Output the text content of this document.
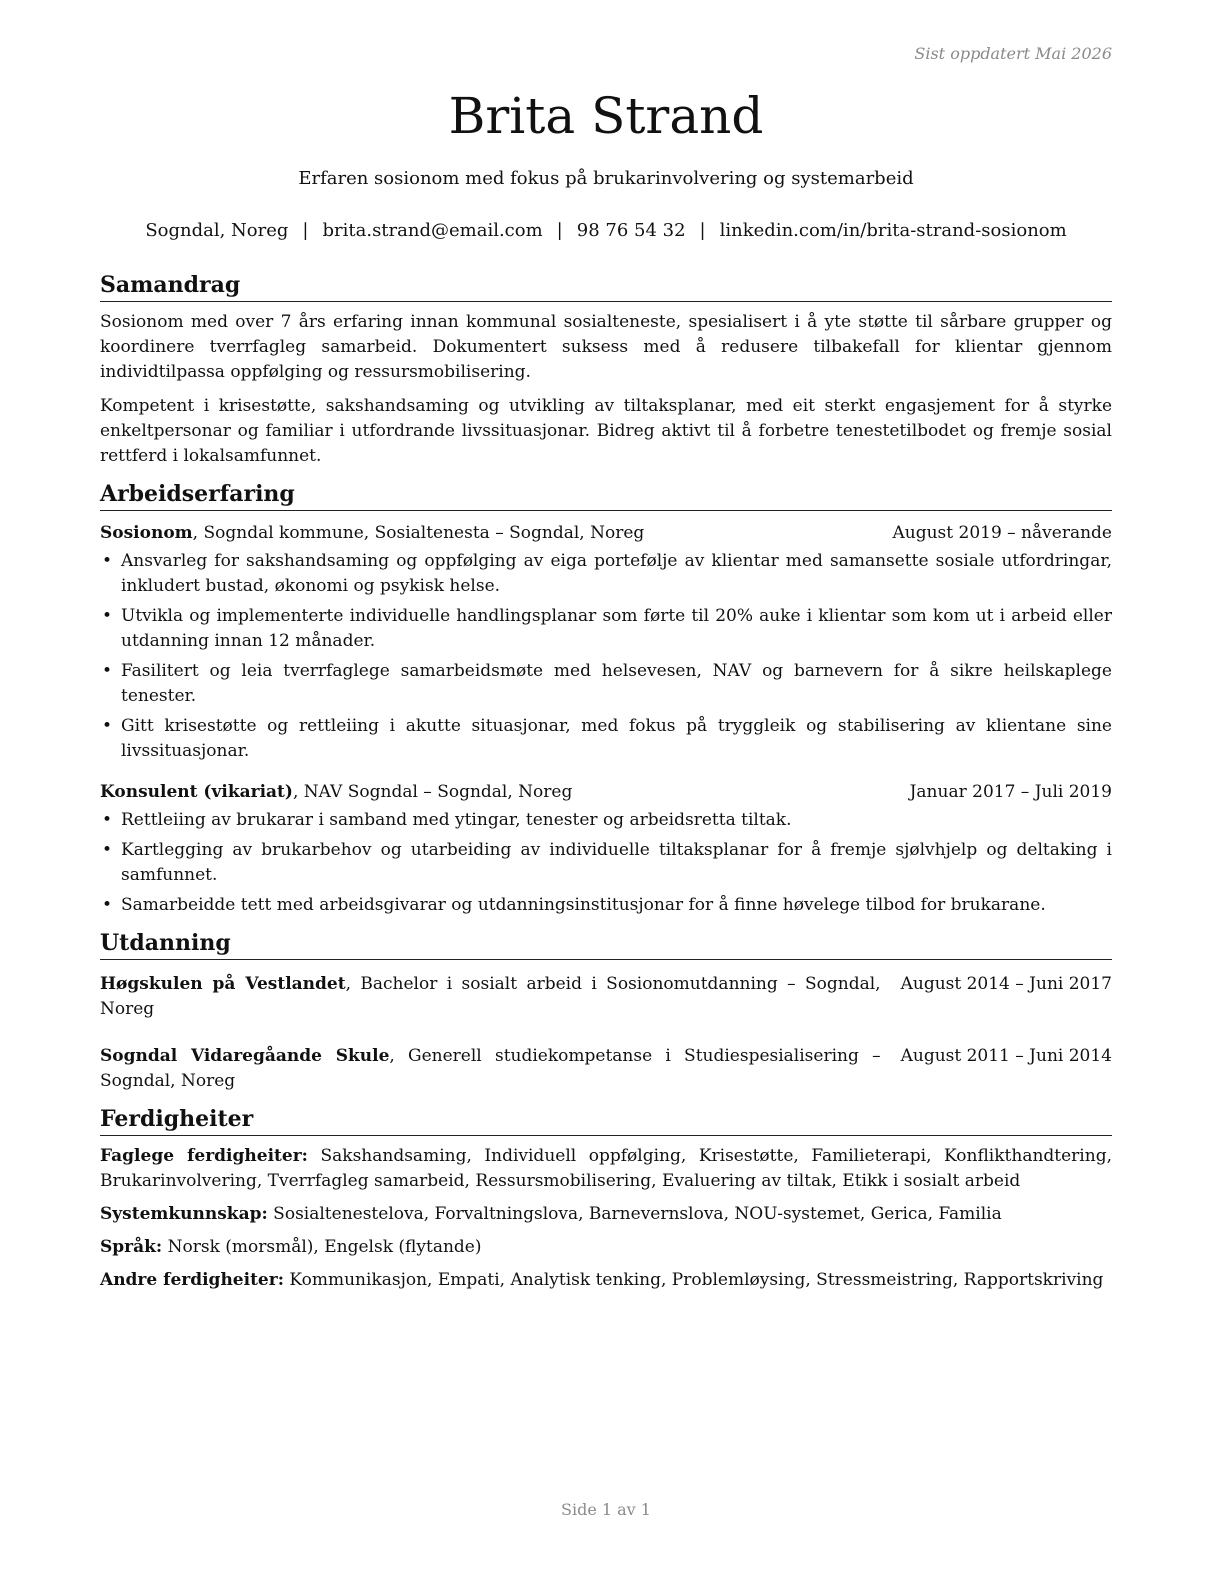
Sist oppdatert Mai 2026
Brita Strand
Erfaren sosionom med fokus på brukarinvolvering og systemarbeid
Sogndal, Noreg | brita.strand@email.com | 98 76 54 32 | linkedin.com/in/brita-strand-sosionom
Samandrag

Sosionom med over 7 års erfaring innan kommunal sosialteneste, spesialisert i å yte støtte til sårbare grupper og koordinere tverrfagleg samarbeid. Dokumentert suksess med å redusere tilbakefall for klientar gjennom individtilpassa oppfølging og ressursmobilisering.

Kompetent i krisestøtte, sakshandsaming og utvikling av tiltaksplanar, med eit sterkt engasjement for å styrke enkeltpersonar og familiar i utfordrande livssituasjonar. Bidreg aktivt til å forbetre tenestetilbodet og fremje sosial rettferd i lokalsamfunnet.

Arbeidserfaring
Sosionom, Sogndal kommune, Sosialtenesta – Sogndal, Noreg	August 2019 – nåverande
• Ansvarleg for sakshandsaming og oppfølging av eiga portefølje av klientar med samansette sosiale utfordringar, inkludert bustad, økonomi og psykisk helse.
• Utvikla og implementerte individuelle handlingsplanar som førte til 20% auke i klientar som kom ut i arbeid eller utdanning innan 12 månader.
• Fasilitert og leia tverrfaglege samarbeidsmøte med helsevesen, NAV og barnevern for å sikre heilskaplege tenester.
• Gitt krisestøtte og rettleiing i akutte situasjonar, med fokus på tryggleik og stabilisering av klientane sine livssituasjonar.
Konsulent (vikariat), NAV Sogndal – Sogndal, Noreg	Januar 2017 – Juli 2019
• Rettleiing av brukarar i samband med ytingar, tenester og arbeidsretta tiltak.
• Kartlegging av brukarbehov og utarbeiding av individuelle tiltaksplanar for å fremje sjølvhjelp og deltaking i samfunnet.
• Samarbeidde tett med arbeidsgivarar og utdanningsinstitusjonar for å finne høvelege tilbod for brukarane.
Utdanning
Høgskulen på Vestlandet, Bachelor i sosialt arbeid i Sosionomutdanning – Sogndal, Noreg
August 2014 – Juni 2017
Sogndal Vidaregåande Skule, Generell studiekompetanse i Studiespesialisering – Sogndal, Noreg
August 2011 – Juni 2014
Ferdigheiter
Faglege ferdigheiter: Sakshandsaming, Individuell oppfølging, Krisestøtte, Familieterapi, Konflikthandtering, Brukarinvolvering, Tverrfagleg samarbeid, Ressursmobilisering, Evaluering av tiltak, Etikk i sosialt arbeid
Systemkunnskap: Sosialtenestelova, Forvaltningslova, Barnevernslova, NOU-systemet, Gerica, Familia
Språk: Norsk (morsmål), Engelsk (flytande)
Andre ferdigheiter: Kommunikasjon, Empati, Analytisk tenking, Problemløysing, Stressmeistring, Rapportskriving
Side 1 av 1
